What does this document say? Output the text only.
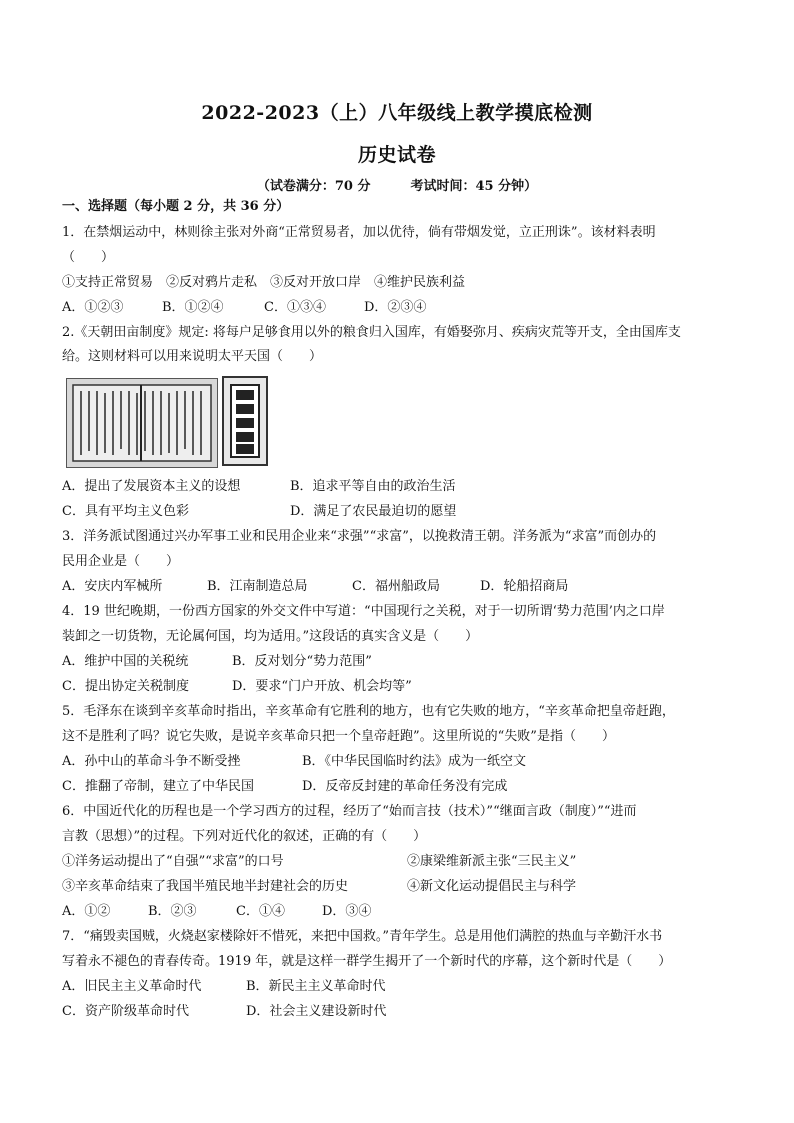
2022-2023（上）八年级线上教学摸底检测
历史试卷
（试卷满分：70 分	考试时间：45 分钟）
一、选择题（每小题 2 分，共 36 分）
1．在禁烟运动中，林则徐主张对外商“正常贸易者，加以优待，倘有带烟发觉，立正刑诛”。该材料表明
（　　）
①支持正常贸易　②反对鸦片走私　③反对开放口岸　④维护民族利益
A．①②③	B．①②④	C．①③④	D．②③④
2.《天朝田亩制度》规定: 将每户足够食用以外的粮食归入国库，有婚娶弥月、疾病灾荒等开支，全由国库支
给。这则材料可以用来说明太平天国（　　）
A．提出了发展资本主义的设想	B．追求平等自由的政治生活
C．具有平均主义色彩	D．满足了农民最迫切的愿望
3．洋务派试图通过兴办军事工业和民用企业来“求强”“求富”，以挽救清王朝。洋务派为“求富”而创办的
民用企业是（　　）
A．安庆内军械所	B．江南制造总局	C．福州船政局	D．轮船招商局
4．19 世纪晚期，一份西方国家的外交文件中写道：“中国现行之关税，对于一切所谓‘势力范围’内之口岸
装卸之一切货物，无论属何国，均为适用。”这段话的真实含义是（　　）
A．维护中国的关税统	B．反对划分“势力范围”
C．提出协定关税制度	D．要求“门户开放、机会均等”
5．毛泽东在谈到辛亥革命时指出，辛亥革命有它胜利的地方，也有它失败的地方，“辛亥革命把皇帝赶跑，
这不是胜利了吗？说它失败，是说辛亥革命只把一个皇帝赶跑”。这里所说的“失败”是指（　　）
A．孙中山的革命斗争不断受挫	B．《中华民国临时约法》成为一纸空文
C．推翻了帝制，建立了中华民国	D．反帝反封建的革命任务没有完成
6．中国近代化的历程也是一个学习西方的过程，经历了“始而言技（技术）”“继面言政（制度）”“进而
言教（思想）”的过程。下列对近代化的叙述，正确的有（　　）
①洋务运动提出了“自强”“求富”的口号	②康梁维新派主张“三民主义”
③辛亥革命结束了我国半殖民地半封建社会的历史	④新文化运动提倡民主与科学
A．①②	B．②③	C．①④	D．③④
7．“痛毁卖国贼，火烧赵家楼除奸不惜死，来把中国救。”青年学生。总是用他们满腔的热血与辛勤汗水书
写着永不褪色的青春传奇。1919 年，就是这样一群学生揭开了一个新时代的序幕，这个新时代是（　　）
A．旧民主主义革命时代	B．新民主主义革命时代
C．资产阶级革命时代	D．社会主义建设新时代
